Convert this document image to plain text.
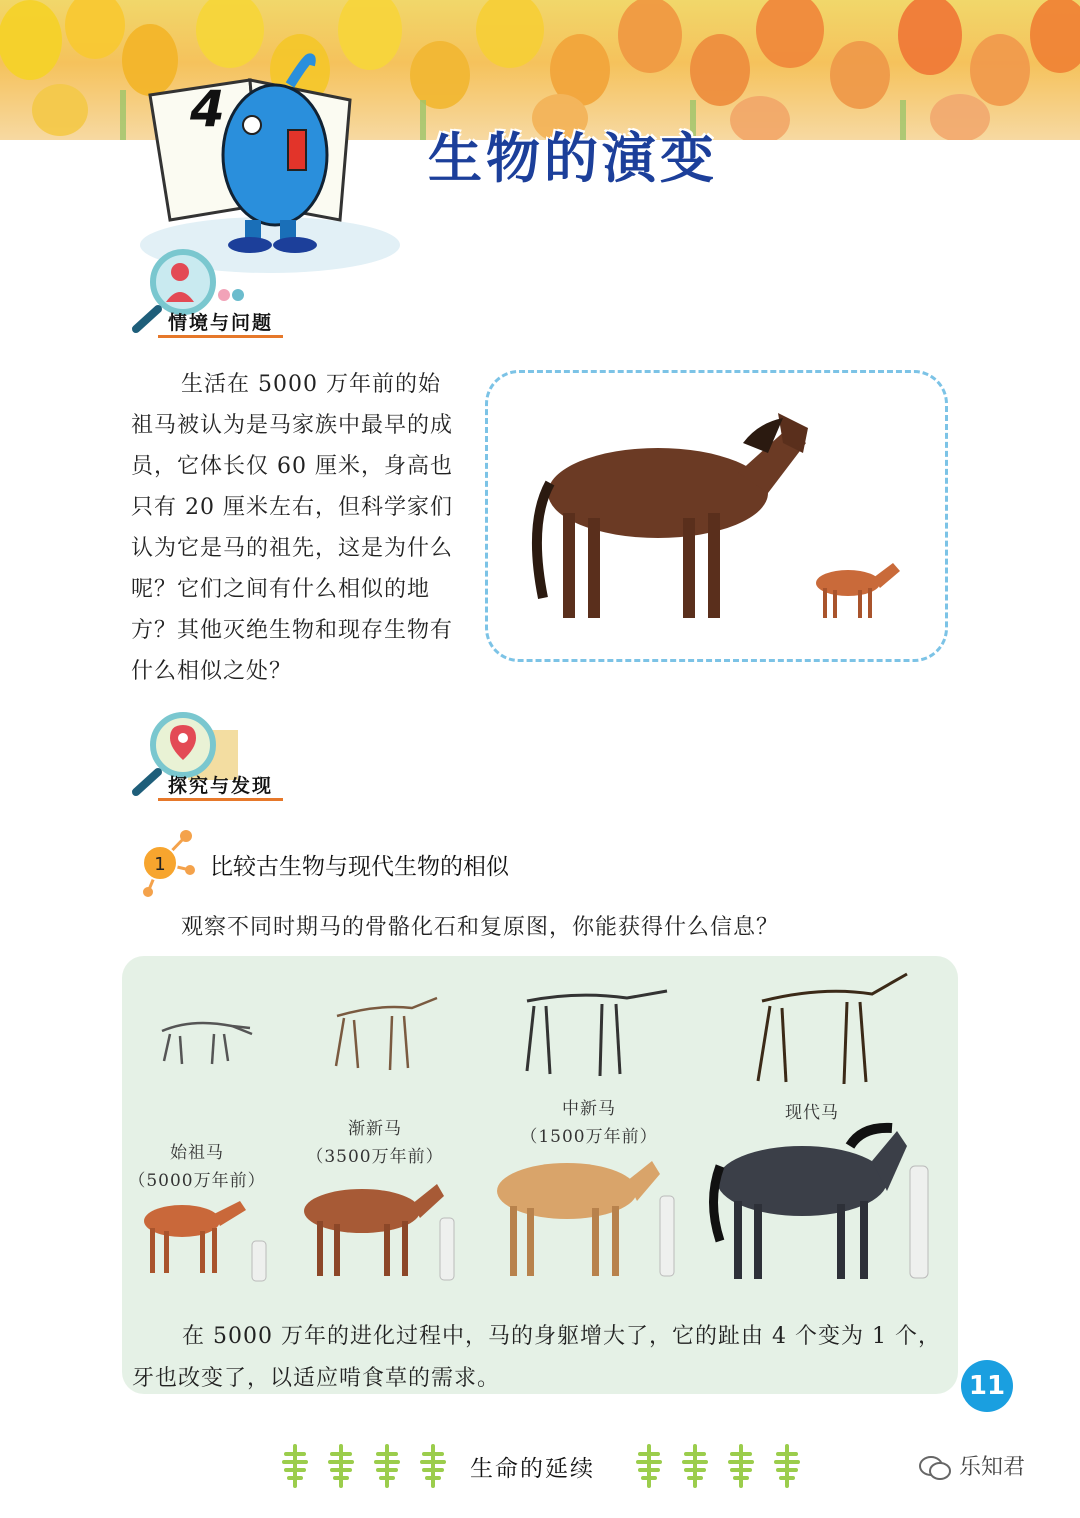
4
生物的演变
情境与问题
生活在 5000 万年前的始祖马被认为是马家族中最早的成员，它体长仅 60 厘米，身高也只有 20 厘米左右，但科学家们认为它是马的祖先，这是为什么呢？它们之间有什么相似的地方？其他灭绝生物和现存生物有什么相似之处？
探究与发现
1 比较古生物与现代生物的相似
观察不同时期马的骨骼化石和复原图，你能获得什么信息？
始祖马
（5000万年前）
渐新马
（3500万年前）
中新马
（1500万年前）
现代马
在 5000 万年的进化过程中，马的身躯增大了，它的趾由 4 个变为 1 个，牙也改变了，以适应啃食草的需求。	11
生命的延续	乐知君
